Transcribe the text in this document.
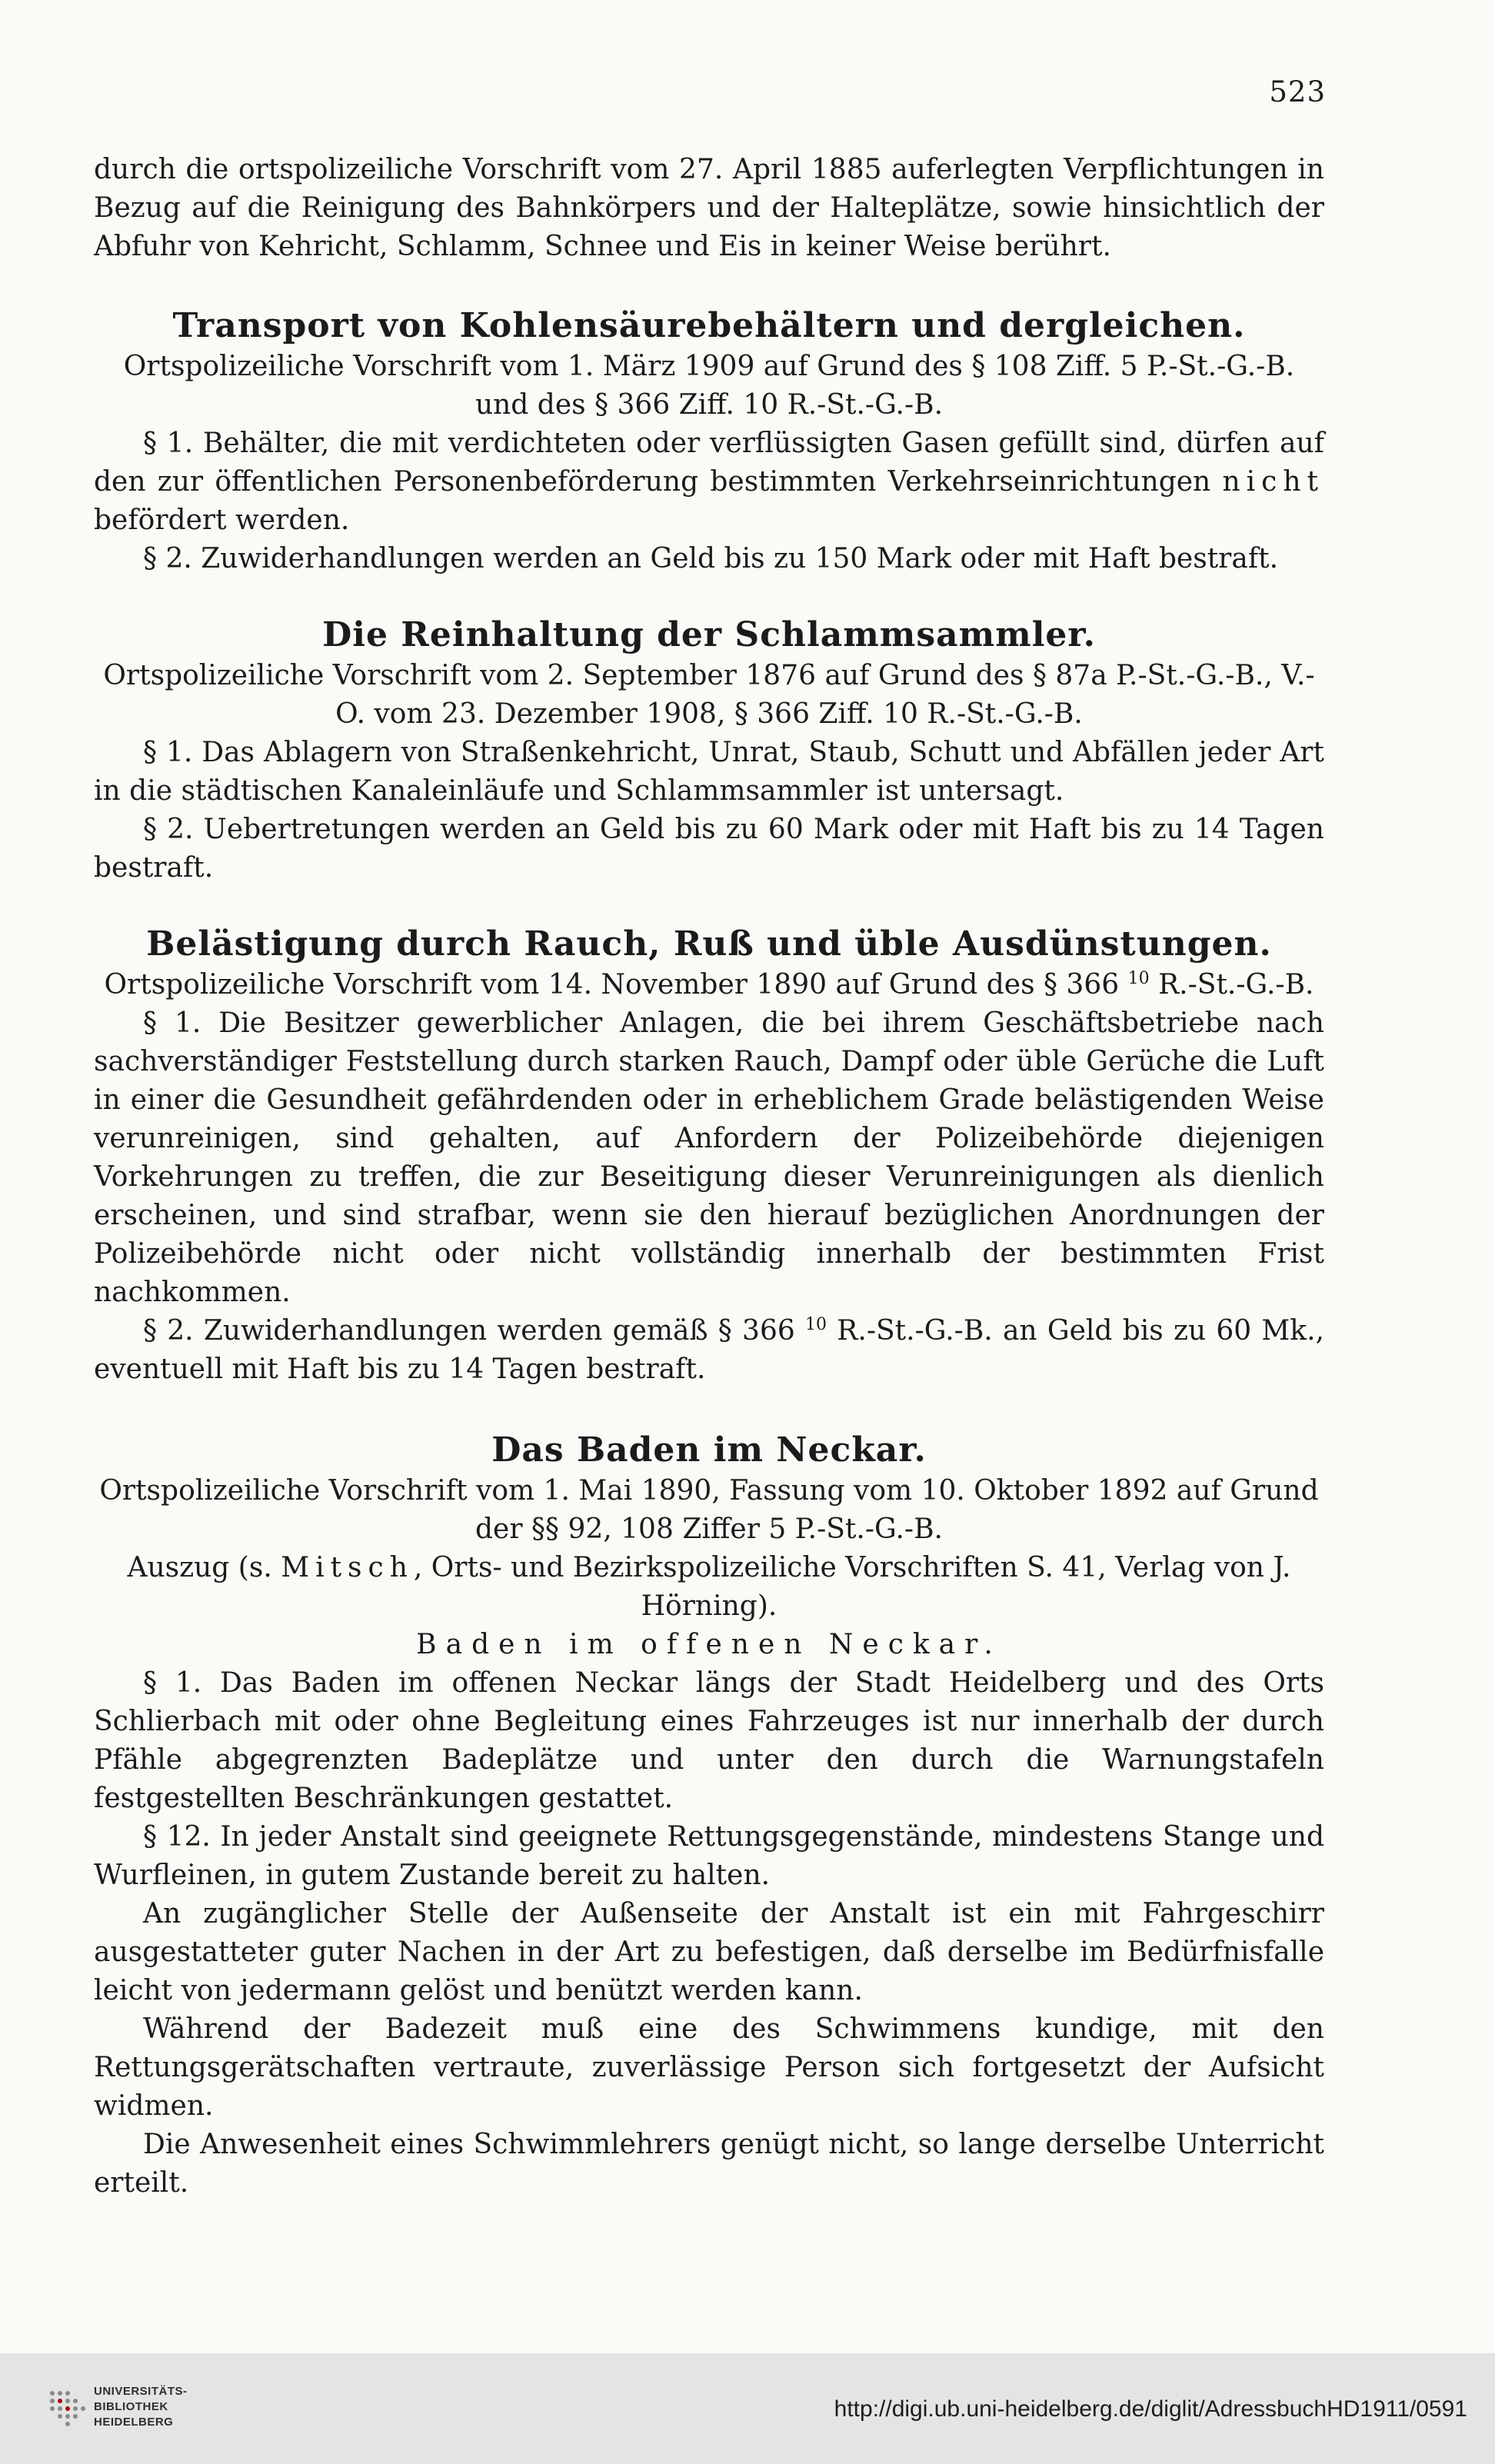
523

durch die ortspolizeiliche Vorschrift vom 27. April 1885 auferlegten Verpflichtungen in Bezug auf die Reinigung des Bahnkörpers und der Halteplätze, sowie hinsichtlich der Abfuhr von Kehricht, Schlamm, Schnee und Eis in keiner Weise berührt.

Transport von Kohlensäurebehältern und dergleichen.

Ortspolizeiliche Vorschrift vom 1. März 1909 auf Grund des § 108 Ziff. 5 P.-St.-G.-B. und des § 366 Ziff. 10 R.-St.-G.-B.

§ 1. Behälter, die mit verdichteten oder verflüssigten Gasen gefüllt sind, dürfen auf den zur öffentlichen Personenbeförderung bestimmten Verkehrseinrichtungen nicht befördert werden.

§ 2. Zuwiderhandlungen werden an Geld bis zu 150 Mark oder mit Haft bestraft.

Die Reinhaltung der Schlammsammler.

Ortspolizeiliche Vorschrift vom 2. September 1876 auf Grund des § 87a P.-St.-G.-B., V.-O. vom 23. Dezember 1908, § 366 Ziff. 10 R.-St.-G.-B.

§ 1. Das Ablagern von Straßenkehricht, Unrat, Staub, Schutt und Abfällen jeder Art in die städtischen Kanaleinläufe und Schlammsammler ist untersagt.

§ 2. Uebertretungen werden an Geld bis zu 60 Mark oder mit Haft bis zu 14 Tagen bestraft.

Belästigung durch Rauch, Ruß und üble Ausdünstungen.

Ortspolizeiliche Vorschrift vom 14. November 1890 auf Grund des § 366 $^{10}$ R.-St.-G.-B.

§ 1. Die Besitzer gewerblicher Anlagen, die bei ihrem Geschäftsbetriebe nach sachverständiger Feststellung durch starken Rauch, Dampf oder üble Gerüche die Luft in einer die Gesundheit gefährdenden oder in erheblichem Grade belästigenden Weise verunreinigen, sind gehalten, auf Anfordern der Polizeibehörde diejenigen Vorkehrungen zu treffen, die zur Beseitigung dieser Verunreinigungen als dienlich erscheinen, und sind strafbar, wenn sie den hierauf bezüglichen Anordnungen der Polizeibehörde nicht oder nicht vollständig innerhalb der bestimmten Frist nachkommen.

§ 2. Zuwiderhandlungen werden gemäß § 366 $^{10}$ R.-St.-G.-B. an Geld bis zu 60 Mk., eventuell mit Haft bis zu 14 Tagen bestraft.

Das Baden im Neckar.

Ortspolizeiliche Vorschrift vom 1. Mai 1890, Fassung vom 10. Oktober 1892 auf Grund der §§ 92, 108 Ziffer 5 P.-St.-G.-B.

Auszug (s. Mitsch, Orts- und Bezirkspolizeiliche Vorschriften S. 41, Verlag von J. Hörning).

Baden im offenen Neckar.

§ 1. Das Baden im offenen Neckar längs der Stadt Heidelberg und des Orts Schlierbach mit oder ohne Begleitung eines Fahrzeuges ist nur innerhalb der durch Pfähle abgegrenzten Badeplätze und unter den durch die Warnungstafeln festgestellten Beschränkungen gestattet.

§ 12. In jeder Anstalt sind geeignete Rettungsgegenstände, mindestens Stange und Wurfleinen, in gutem Zustande bereit zu halten.

An zugänglicher Stelle der Außenseite der Anstalt ist ein mit Fahrgeschirr ausgestatteter guter Nachen in der Art zu befestigen, daß derselbe im Bedürfnisfalle leicht von jedermann gelöst und benützt werden kann.

Während der Badezeit muß eine des Schwimmens kundige, mit den Rettungsgerätschaften vertraute, zuverlässige Person sich fortgesetzt der Aufsicht widmen.

Die Anwesenheit eines Schwimmlehrers genügt nicht, so lange derselbe Unterricht erteilt.

UNIVERSITÄTS-
BIBLIOTHEK
HEIDELBERG
http://digi.ub.uni-heidelberg.de/diglit/AdressbuchHD1911/0591
